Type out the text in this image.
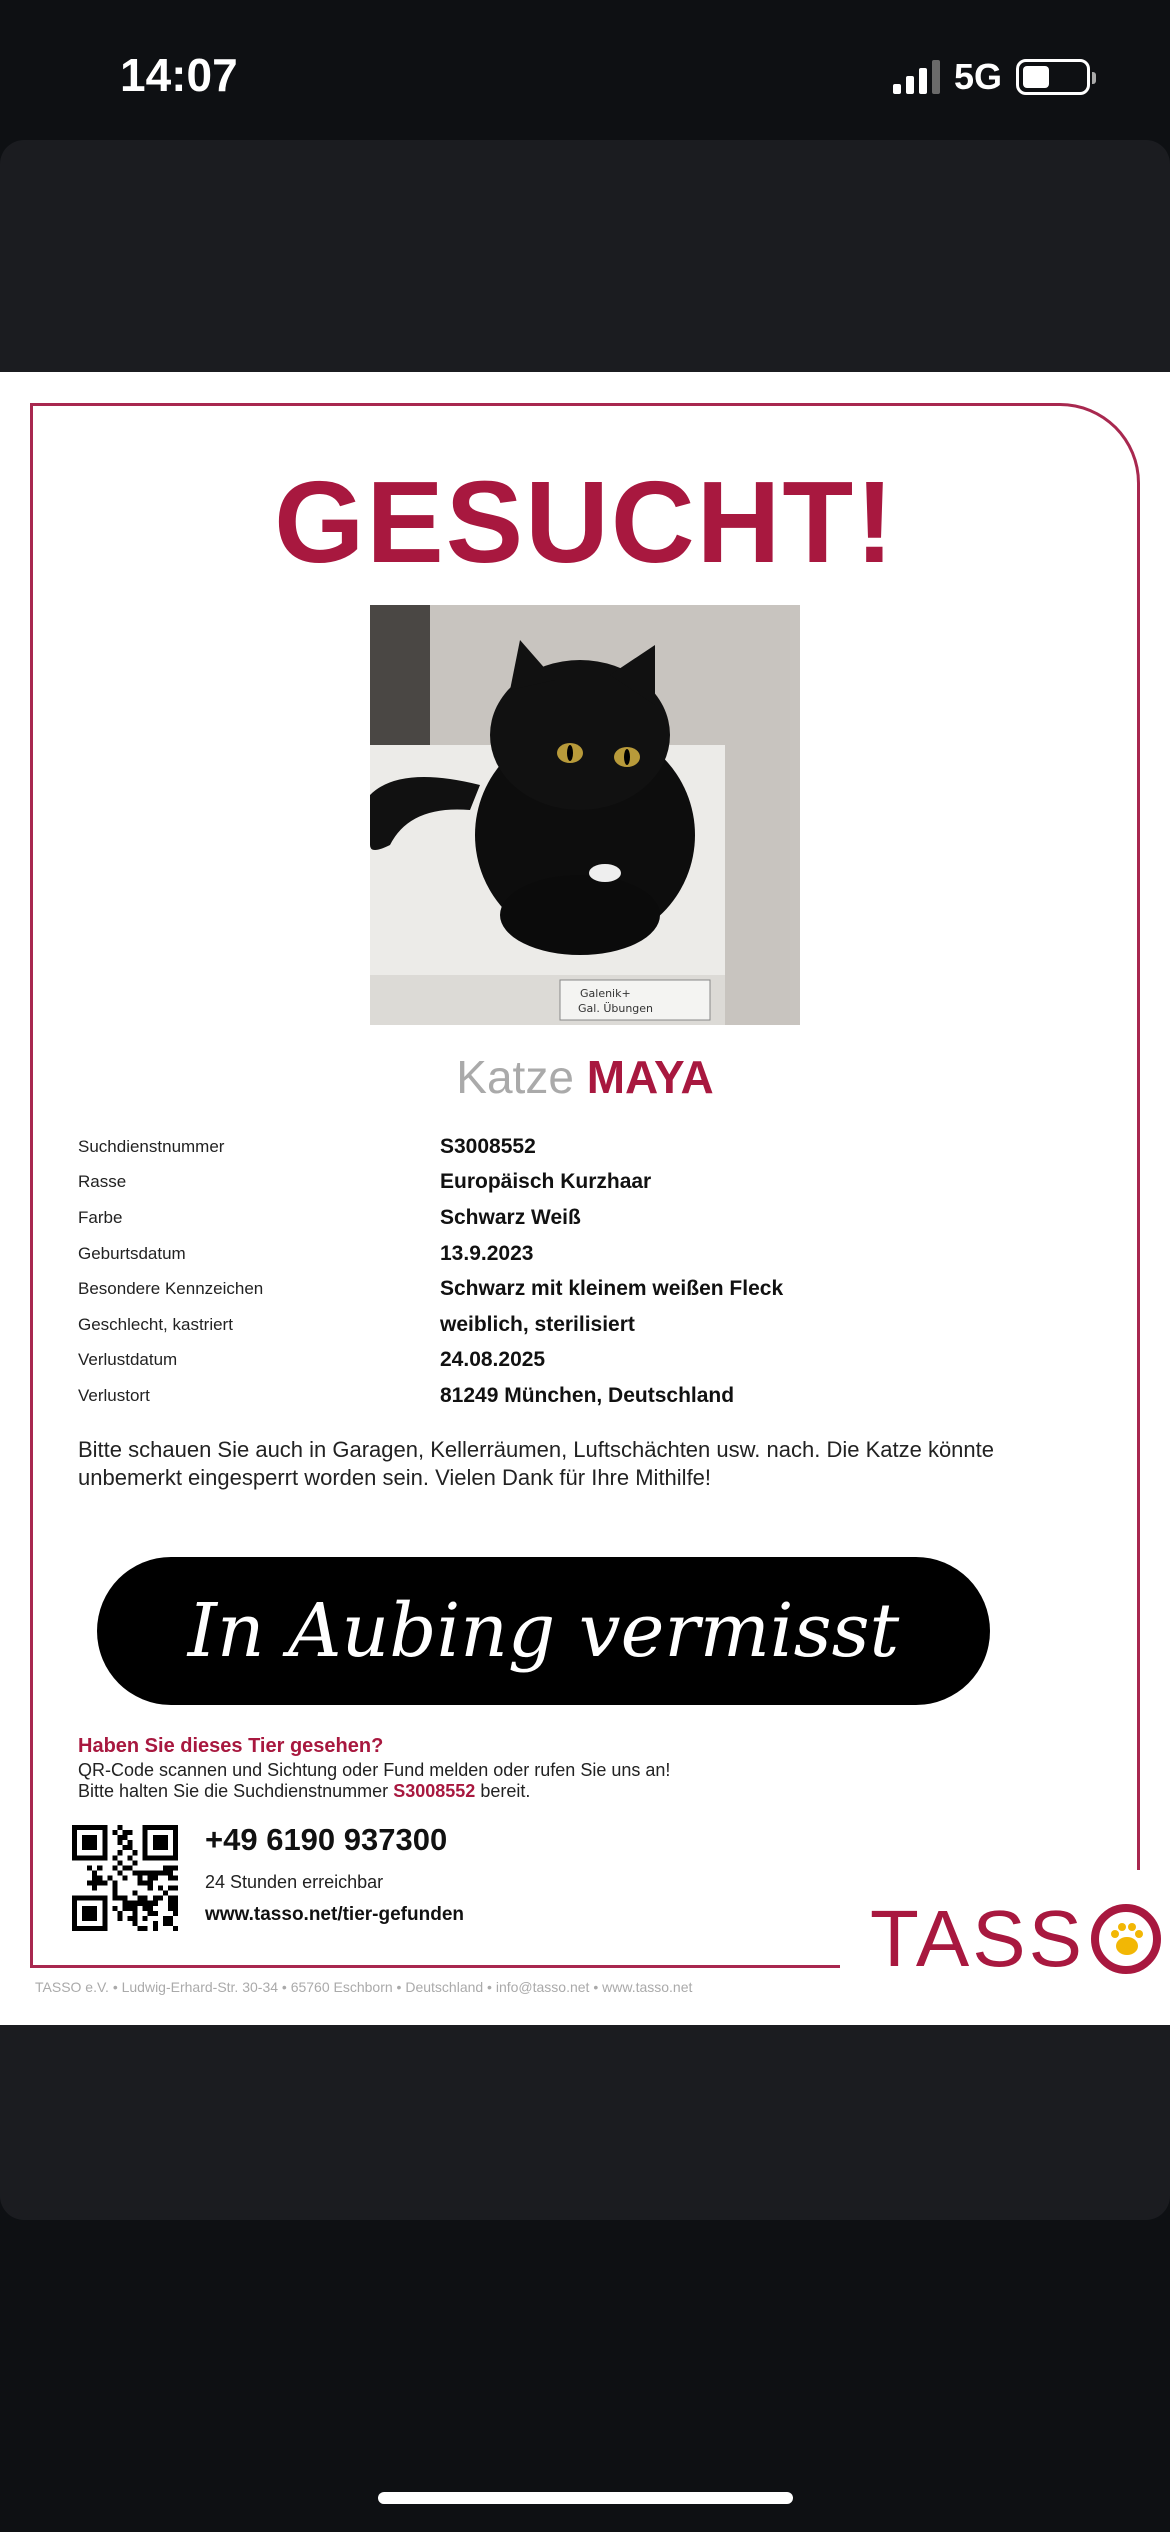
14:07	5G
GESUCHT!
Galenik+
Gal. Übungen
Katze MAYA
Suchdienstnummer	S3008552
Rasse	Europäisch Kurzhaar
Farbe	Schwarz Weiß
Geburtsdatum	13.9.2023
Besondere Kennzeichen	Schwarz mit kleinem weißen Fleck
Geschlecht, kastriert	weiblich, sterilisiert
Verlustdatum	24.08.2025
Verlustort	81249 München, Deutschland
Bitte schauen Sie auch in Garagen, Kellerräumen, Luftschächten usw. nach. Die Katze könnte unbemerkt eingesperrt worden sein. Vielen Dank für Ihre Mithilfe!
In Aubing vermisst
Haben Sie dieses Tier gesehen?
QR-Code scannen und Sichtung oder Fund melden oder rufen Sie uns an!
Bitte halten Sie die Suchdienstnummer S3008552 bereit.
+49 6190 937300
24 Stunden erreichbar
www.tasso.net/tier-gefunden	TASS
TASSO e.V. • Ludwig-Erhard-Str. 30-34 • 65760 Eschborn • Deutschland • info@tasso.net • www.tasso.net
